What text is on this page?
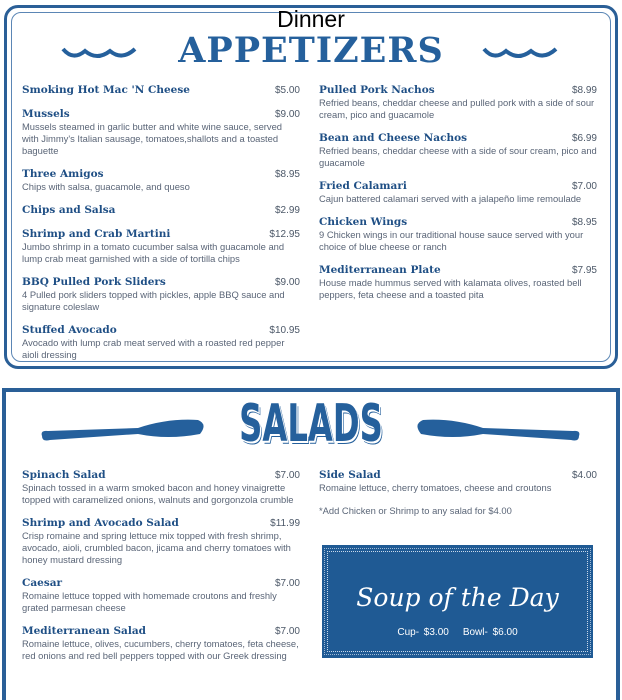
Dinner
APPETIZERS
Smoking Hot Mac 'N Cheese	$5.00
Mussels	$9.00
Mussels steamed in garlic butter and white wine sauce, served with Jimmy's Italian sausage, tomatoes,shallots and a toasted baguette
Three Amigos	$8.95
Chips with salsa, guacamole, and queso
Chips and Salsa	$2.99
Shrimp and Crab Martini	$12.95
Jumbo shrimp in a tomato cucumber salsa with guacamole and lump crab meat garnished with a side of tortilla chips
BBQ Pulled Pork Sliders	$9.00
4 Pulled pork sliders topped with pickles, apple BBQ sauce and signature coleslaw
Stuffed Avocado	$10.95
Avocado with lump crab meat served with a roasted red pepper aioli dressing
Pulled Pork Nachos	$8.99
Refried beans, cheddar cheese and pulled pork with a side of sour cream, pico and guacamole
Bean and Cheese Nachos	$6.99
Refried beans, cheddar cheese with a side of sour cream, pico and guacamole
Fried Calamari	$7.00
Cajun battered calamari served with a jalapeño lime remoulade
Chicken Wings	$8.95
9 Chicken wings in our traditional house sauce served with your choice of blue cheese or ranch
Mediterranean Plate	$7.95
House made hummus served with kalamata olives, roasted bell peppers, feta cheese and a toasted pita
SALADS
Spinach Salad	$7.00
Spinach tossed in a warm smoked bacon and honey vinaigrette topped with caramelized onions, walnuts and gorgonzola crumble
Shrimp and Avocado Salad	$11.99
Crisp romaine and spring lettuce mix topped with fresh shrimp, avocado, aioli, crumbled bacon, jicama and cherry tomatoes with honey mustard dressing
Caesar	$7.00
Romaine lettuce topped with homemade croutons and freshly grated parmesan cheese
Mediterranean Salad	$7.00
Romaine lettuce, olives, cucumbers, cherry tomatoes, feta cheese, red onions and red bell peppers topped with our Greek dressing
Side Salad	$4.00
Romaine lettuce, cherry tomatoes, cheese and croutons
*Add Chicken or Shrimp to any salad for $4.00
Soup of the Day
Cup- $3.00 Bowl- $6.00
